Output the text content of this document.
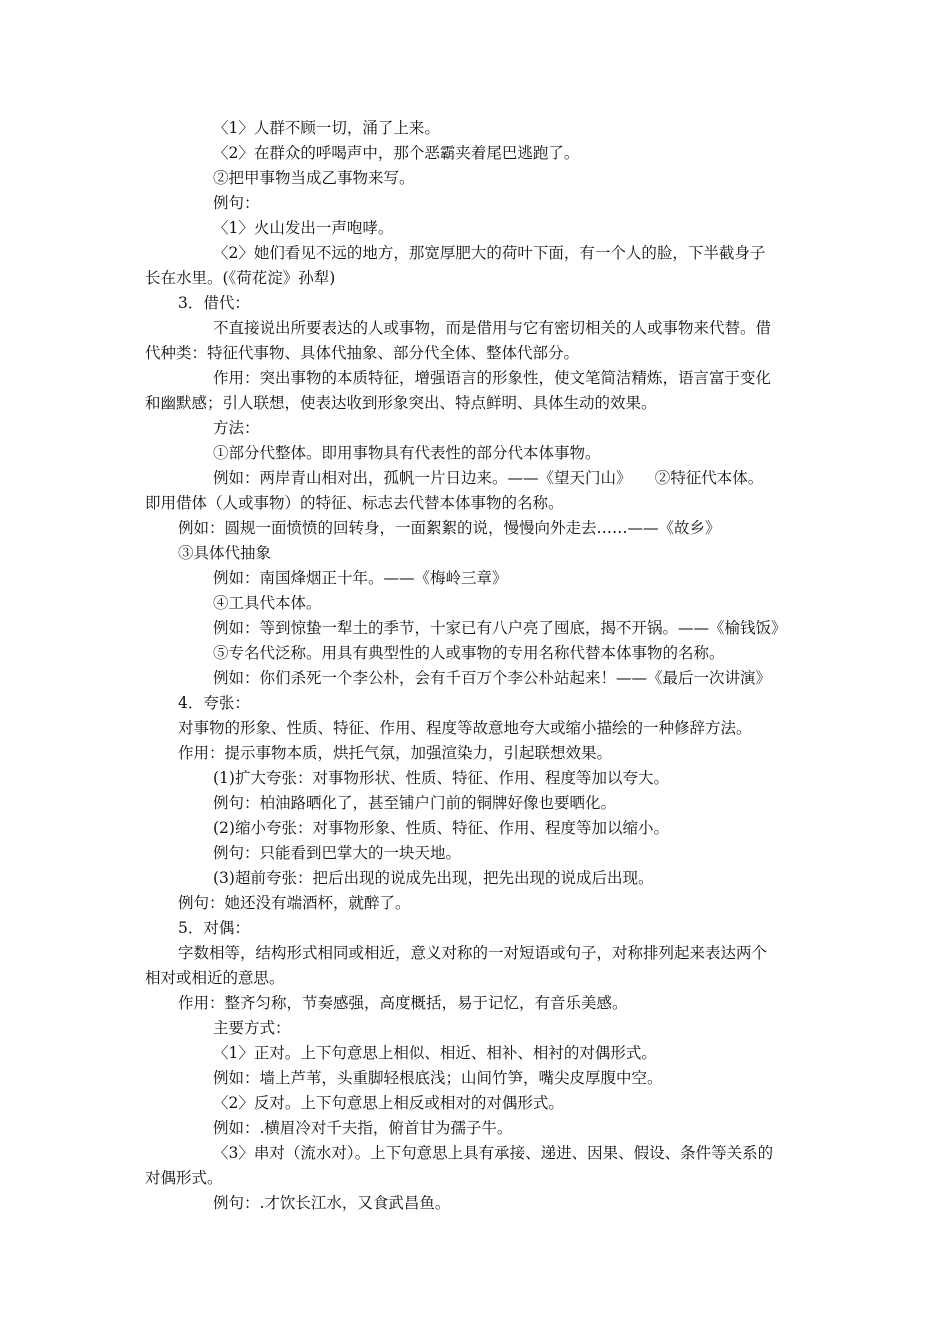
〈1〉人群不顾一切，涌了上来。
〈2〉在群众的呼喝声中，那个恶霸夹着尾巴逃跑了。
②把甲事物当成乙事物来写。
例句：
〈1〉火山发出一声咆哮。
〈2〉她们看见不远的地方，那宽厚肥大的荷叶下面，有一个人的脸，下半截身子
长在水里。(《荷花淀》孙犁)
3．借代：
不直接说出所要表达的人或事物，而是借用与它有密切相关的人或事物来代替。借
代种类：特征代事物、具体代抽象、部分代全体、整体代部分。
作用：突出事物的本质特征，增强语言的形象性，使文笔简洁精炼，语言富于变化
和幽默感；引人联想，使表达收到形象突出、特点鲜明、具体生动的效果。
方法：
①部分代整体。即用事物具有代表性的部分代本体事物。
例如：两岸青山相对出，孤帆一片日边来。——《望天门山》　　②特征代本体。
即用借体（人或事物）的特征、标志去代替本体事物的名称。
例如：圆规一面愤愤的回转身，一面絮絮的说，慢慢向外走去……——《故乡》
③具体代抽象
例如：南国烽烟正十年。——《梅岭三章》
④工具代本体。
例如：等到惊蛰一犁土的季节，十家已有八户亮了囤底，揭不开锅。——《榆钱饭》
⑤专名代泛称。用具有典型性的人或事物的专用名称代替本体事物的名称。
例如：你们杀死一个李公朴，会有千百万个李公朴站起来！——《最后一次讲演》
4．夸张：
对事物的形象、性质、特征、作用、程度等故意地夸大或缩小描绘的一种修辞方法。
作用：提示事物本质，烘托气氛，加强渲染力，引起联想效果。
(1)扩大夸张：对事物形状、性质、特征、作用、程度等加以夸大。
例句：柏油路晒化了，甚至铺户门前的铜牌好像也要晒化。
(2)缩小夸张：对事物形象、性质、特征、作用、程度等加以缩小。
例句：只能看到巴掌大的一块天地。
(3)超前夸张：把后出现的说成先出现，把先出现的说成后出现。
例句：她还没有端酒杯，就醉了。
5．对偶：
字数相等，结构形式相同或相近，意义对称的一对短语或句子，对称排列起来表达两个
相对或相近的意思。
作用：整齐匀称，节奏感强，高度概括，易于记忆，有音乐美感。
主要方式：
〈1〉正对。上下句意思上相似、相近、相补、相衬的对偶形式。
例如：墙上芦苇，头重脚轻根底浅；山间竹笋，嘴尖皮厚腹中空。
〈2〉反对。上下句意思上相反或相对的对偶形式。
例如：.横眉冷对千夫指，俯首甘为孺子牛。
〈3〉串对（流水对）。上下句意思上具有承接、递进、因果、假设、条件等关系的
对偶形式。
例句：.才饮长江水，又食武昌鱼。
